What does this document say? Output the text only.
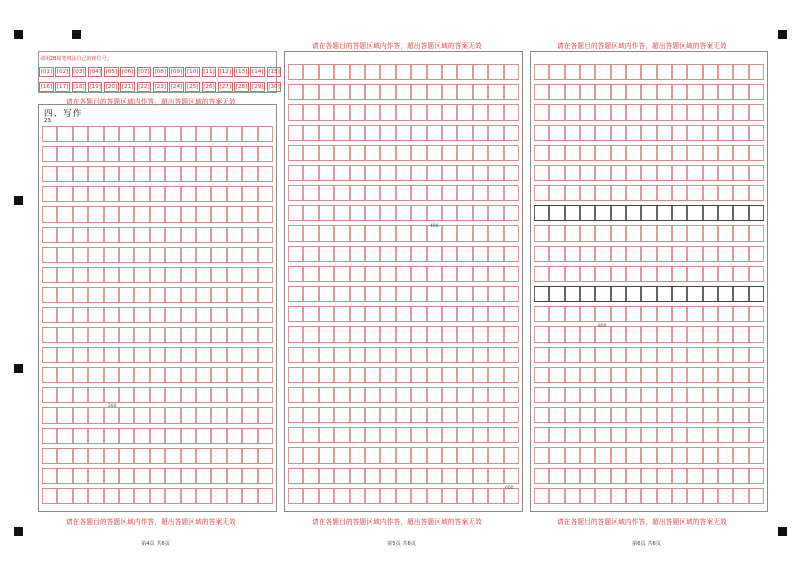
请用2B铅笔填涂自己的座位号。
[01] [02] [03] [04] [05] [06] [07] [08] [09] [10] [11] [12] [13] [14] [15]
[16] [17] [18] [19] [20] [21] [22] [23] [24] [25] [26] [27] [28] [29] [30]
请在各题目的答题区域内作答，超出答题区域的答案无效
请在各题目的答题区域内作答，超出答题区域的答案无效	请在各题目的答题区域内作答，超出答题区域的答案无效
四、写作
23.
200
400
600
800
请在各题目的答题区域内作答，超出答题区域的答案无效	请在各题目的答题区域内作答，超出答题区域的答案无效	请在各题目的答题区域内作答，超出答题区域的答案无效
第4页 共6页	第5页 共6页	第6页 共6页
